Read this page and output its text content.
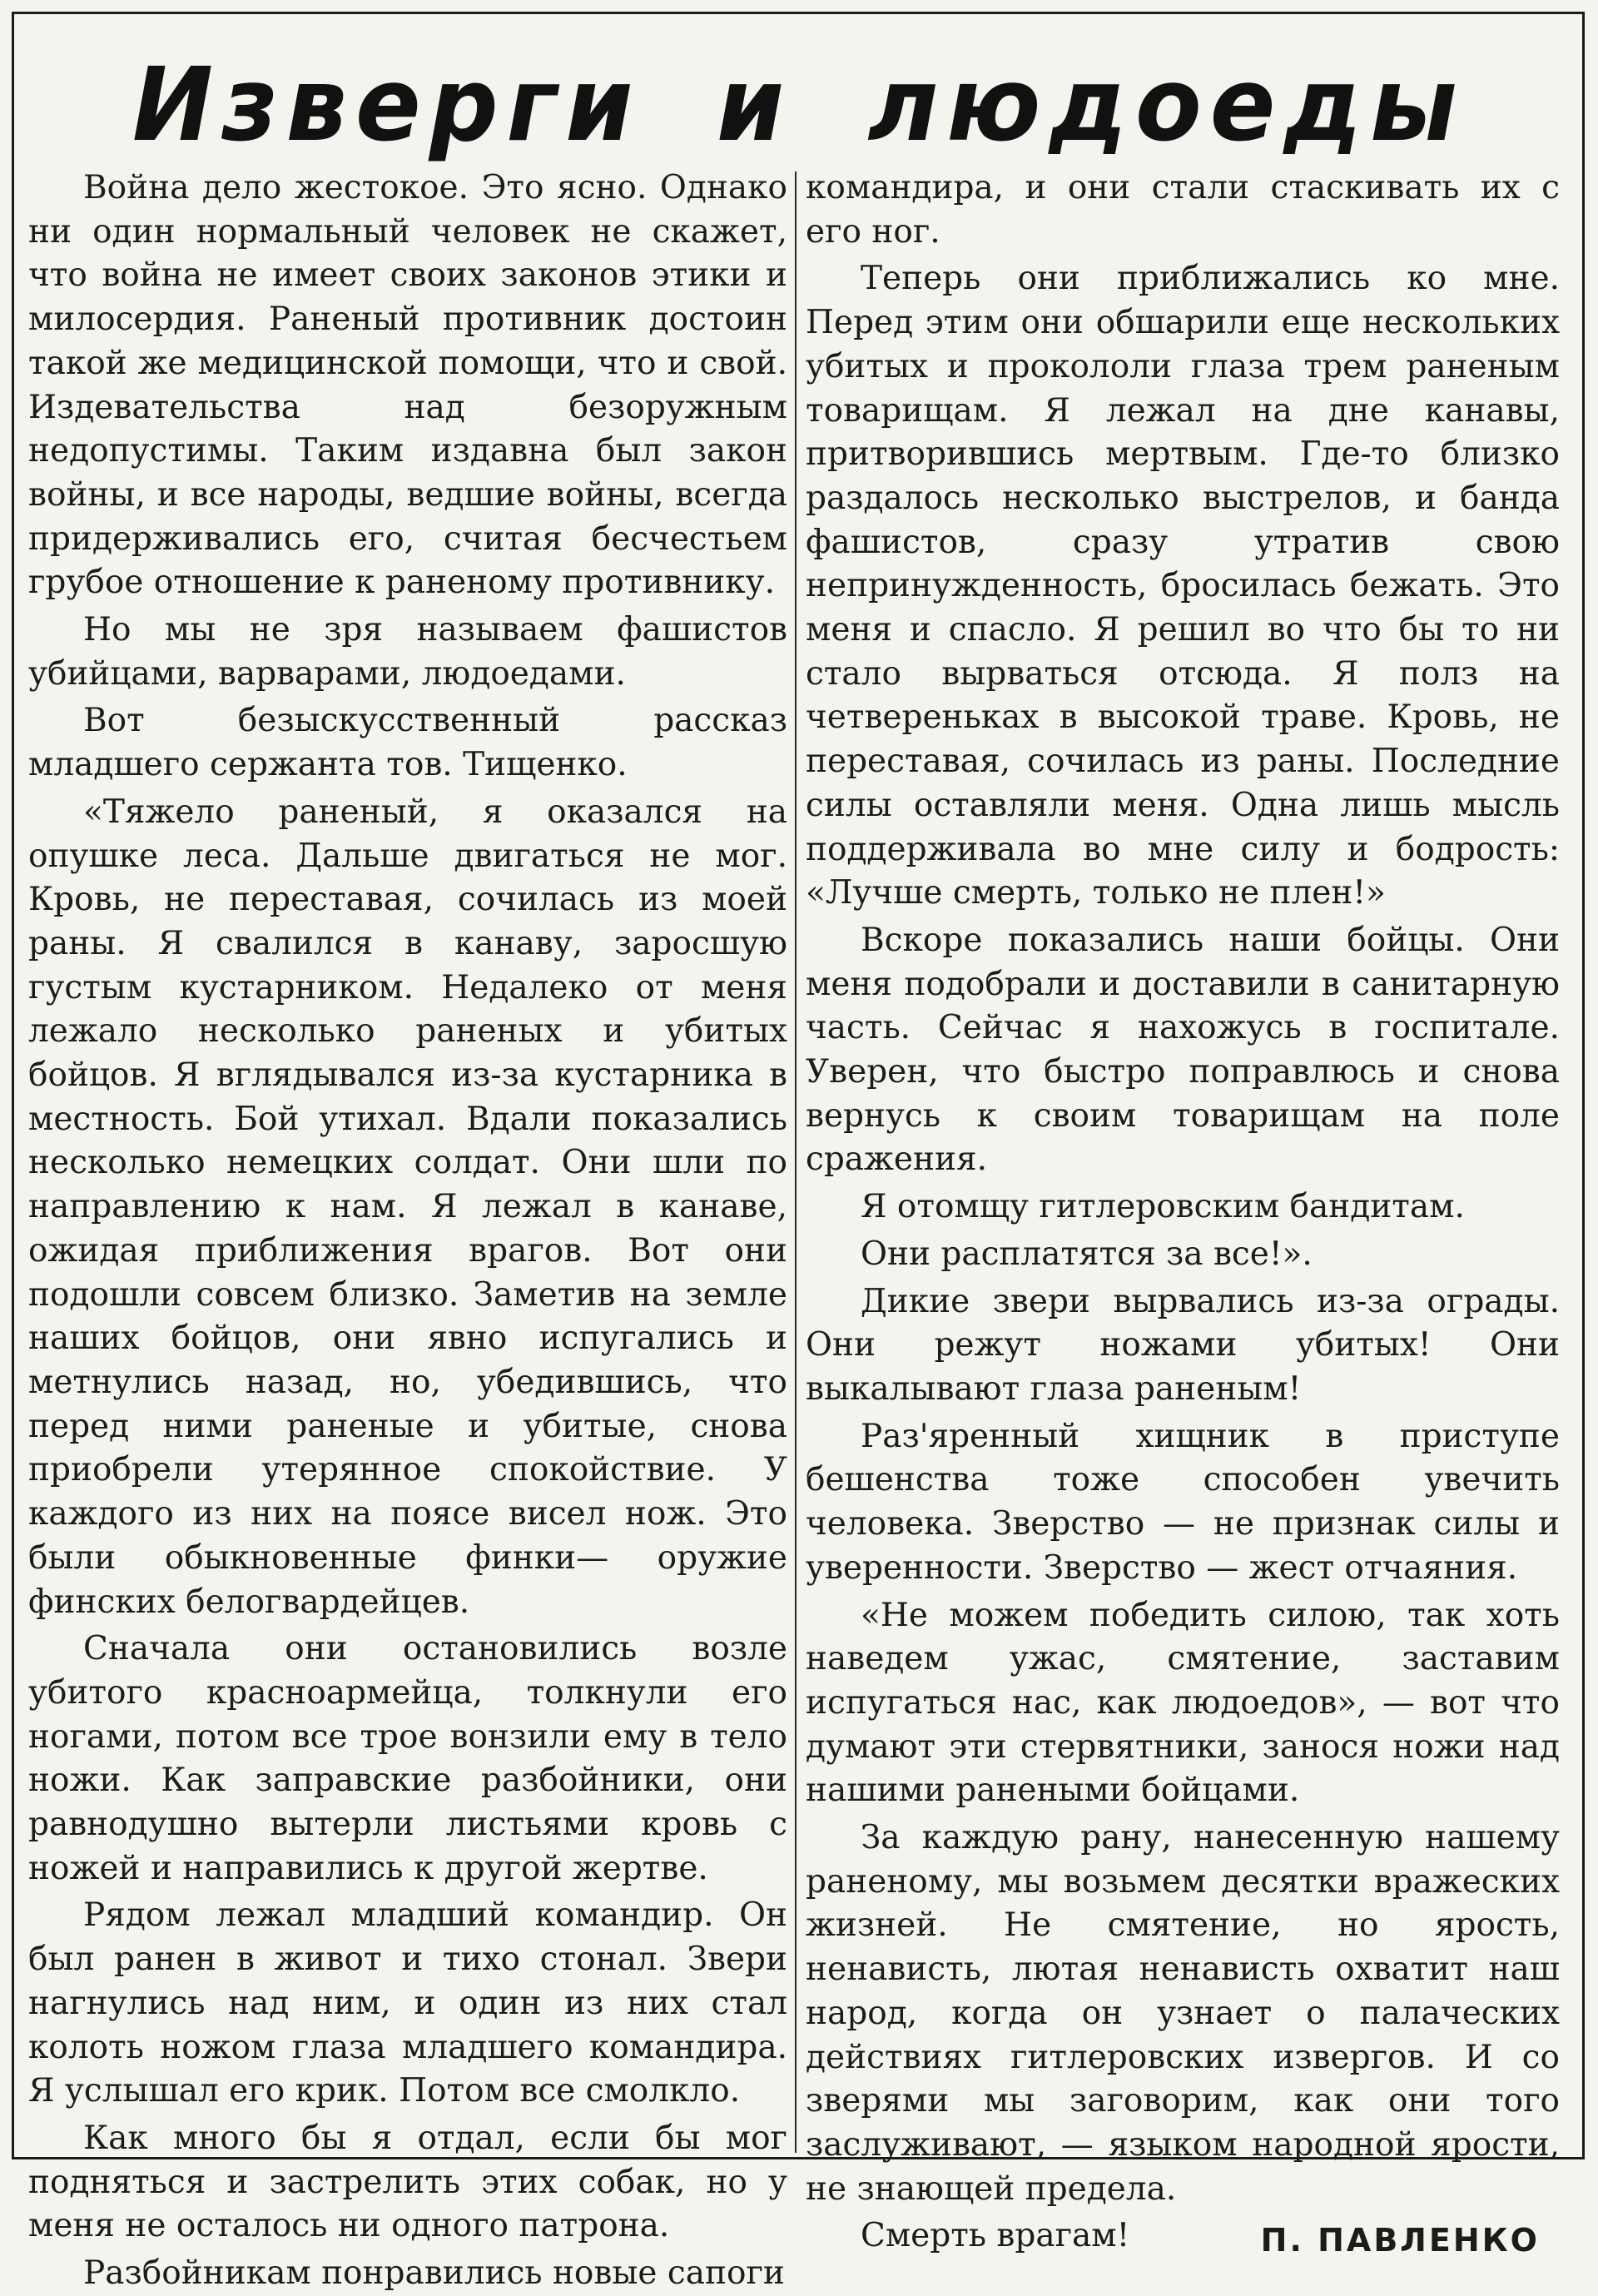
Изверги и людоеды

Война дело жестокое. Это ясно. Однако ни один нормальный человек не скажет, что война не имеет своих законов этики и милосердия. Раненый противник достоин такой же медицинской помощи, что и свой. Издевательства над безоружным недопустимы. Таким издавна был закон войны, и все народы, ведшие войны, всегда придерживались его, считая бесчестьем грубое отношение к раненому противнику.

Но мы не зря называем фашистов убийцами, варварами, людоедами.

Вот безыскусственный рассказ младшего сержанта тов. Тищенко.

«Тяжело раненый, я оказался на опушке леса. Дальше двигаться не мог. Кровь, не переставая, сочилась из моей раны. Я свалился в канаву, заросшую густым кустарником. Недалеко от меня лежало несколько раненых и убитых бойцов. Я вглядывался из-за кустарника в местность. Бой утихал. Вдали показались несколько немецких солдат. Они шли по направлению к нам. Я лежал в канаве, ожидая приближения врагов. Вот они подошли совсем близко. Заметив на земле наших бойцов, они явно испугались и метнулись назад, но, убедившись, что перед ними раненые и убитые, снова приобрели утерянное спокойствие. У каждого из них на поясе висел нож. Это были обыкновенные финки— оружие финских белогвардейцев.

Сначала они остановились возле убитого красноармейца, толкнули его ногами, потом все трое вонзили ему в тело ножи. Как заправские разбойники, они равнодушно вытерли листьями кровь с ножей и направились к другой жертве.

Рядом лежал младший командир. Он был ранен в живот и тихо стонал. Звери нагнулись над ним, и один из них стал колоть ножом глаза младшего командира. Я услышал его крик. Потом все смолкло.

Как много бы я отдал, если бы мог подняться и застрелить этих собак, но у меня не осталось ни одного патрона.

Разбойникам понравились новые сапоги

командира, и они стали стаскивать их с его ног.

Теперь они приближались ко мне. Перед этим они обшарили еще нескольких убитых и прокололи глаза трем раненым товарищам. Я лежал на дне канавы, притворившись мертвым. Где-то близко раздалось несколько выстрелов, и банда фашистов, сразу утратив свою непринужденность, бросилась бежать. Это меня и спасло. Я решил во что бы то ни стало вырваться отсюда. Я полз на четвереньках в высокой траве. Кровь, не переставая, сочилась из раны. Последние силы оставляли меня. Одна лишь мысль поддерживала во мне силу и бодрость: «Лучше смерть, только не плен!»

Вскоре показались наши бойцы. Они меня подобрали и доставили в санитарную часть. Сейчас я нахожусь в госпитале. Уверен, что быстро поправлюсь и снова вернусь к своим товарищам на поле сражения.

Я отомщу гитлеровским бандитам.

Они расплатятся за все!».

Дикие звери вырвались из-за ограды. Они режут ножами убитых! Они выкалывают глаза раненым!

Раз'яренный хищник в приступе бешенства тоже способен увечить человека. Зверство — не признак силы и уверенности. Зверство — жест отчаяния.

«Не можем победить силою, так хоть наведем ужас, смятение, заставим испугаться нас, как людоедов», — вот что думают эти стервятники, занося ножи над нашими ранеными бойцами.

За каждую рану, нанесенную нашему раненому, мы возьмем десятки вражеских жизней. Не смятение, но ярость, ненависть, лютая ненависть охватит наш народ, когда он узнает о палаческих действиях гитлеровских извергов. И со зверями мы заговорим, как они того заслуживают, — языком народной ярости, не знающей предела.

Смерть врагам!	П. ПАВЛЕНКО
